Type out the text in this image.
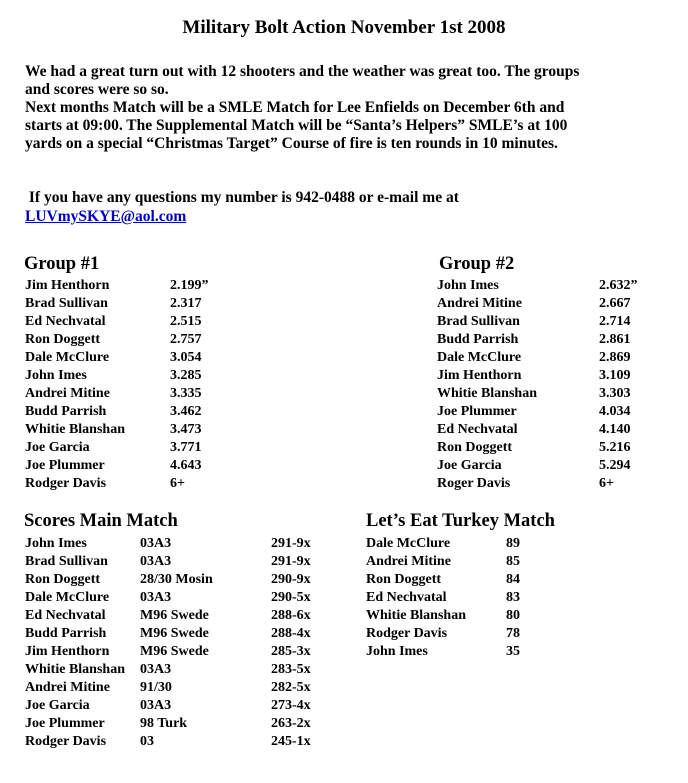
Military Bolt Action November 1st 2008
We had a great turn out with 12 shooters and the weather was great too. The groups
and scores were so so.
Next months Match will be a SMLE Match for Lee Enfields on December 6th and
starts at 09:00. The Supplemental Match will be “Santa’s Helpers” SMLE’s at 100
yards on a special “Christmas Target” Course of fire is ten rounds in 10 minutes.
If you have any questions my number is 942-0488 or e-mail me at
LUVmySKYE@aol.com
Group #1	Group #2
Scores Main Match	Let’s Eat Turkey Match
Jim Henthorn	2.199”
Brad Sullivan	2.317
Ed Nechvatal	2.515
Ron Doggett	2.757
Dale McClure	3.054
John Imes	3.285
Andrei Mitine	3.335
Budd Parrish	3.462
Whitie Blanshan	3.473
Joe Garcia	3.771
Joe Plummer	4.643
Rodger Davis	6+
John Imes	2.632”
Andrei Mitine	2.667
Brad Sullivan	2.714
Budd Parrish	2.861
Dale McClure	2.869
Jim Henthorn	3.109
Whitie Blanshan	3.303
Joe Plummer	4.034
Ed Nechvatal	4.140
Ron Doggett	5.216
Joe Garcia	5.294
Roger Davis	6+
John Imes	03A3	291-9x
Brad Sullivan 03A3	291-9x
Ron Doggett	28/30 Mosin	290-9x
Dale McClure 03A3	290-5x
Ed Nechvatal M96 Swede	288-6x
Budd Parrish M96 Swede	288-4x
Jim Henthorn M96 Swede	285-3x
Whitie Blanshan 03A3	283-5x
Andrei Mitine 91/30	282-5x
Joe Garcia	03A3	273-4x
Joe Plummer	98 Turk	263-2x
Rodger Davis 03	245-1x
Dale McClure	89
Andrei Mitine	85
Ron Doggett	84
Ed Nechvatal	83
Whitie Blanshan	80
Rodger Davis	78
John Imes	35
